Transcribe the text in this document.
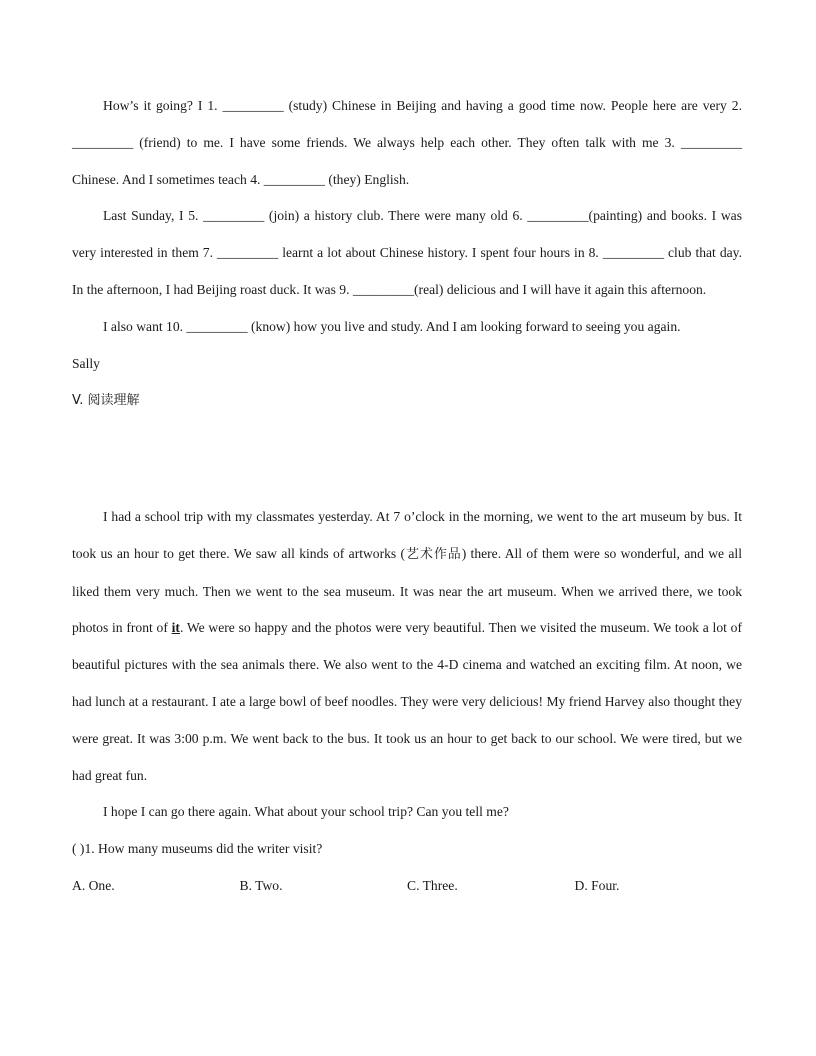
How’s it going? I 1. _________ (study) Chinese in Beijing and having a good time now. People here are very 2. _________ (friend) to me. I have some friends. We always help each other. They often talk with me 3. _________ Chinese. And I sometimes teach 4. _________ (they) English.

Last Sunday, I 5. _________ (join) a history club. There were many old 6. _________(painting) and books. I was very interested in them 7. _________ learnt a lot about Chinese history. I spent four hours in 8. _________ club that day. In the afternoon, I had Beijing roast duck. It was 9. _________(real) delicious and I will have it again this afternoon.

I also want 10. _________ (know) how you live and study. And I am looking forward to seeing you again.

Sally

V. 阅读理解

I had a school trip with my classmates yesterday. At 7 o’clock in the morning, we went to the art museum by bus. It took us an hour to get there. We saw all kinds of artworks (艺术作品) there. All of them were so wonderful, and we all liked them very much. Then we went to the sea museum. It was near the art museum. When we arrived there, we took photos in front of it. We were so happy and the photos were very beautiful. Then we visited the museum. We took a lot of beautiful pictures with the sea animals there. We also went to the 4-D cinema and watched an exciting film. At noon, we had lunch at a restaurant. I ate a large bowl of beef noodles. They were very delicious! My friend Harvey also thought they were great. It was 3:00 p.m. We went back to the bus. It took us an hour to get back to our school. We were tired, but we had great fun.

I hope I can go there again. What about your school trip? Can you tell me?

( )1. How many museums did the writer visit?

A. One.	B. Two.	C. Three.	D. Four.
